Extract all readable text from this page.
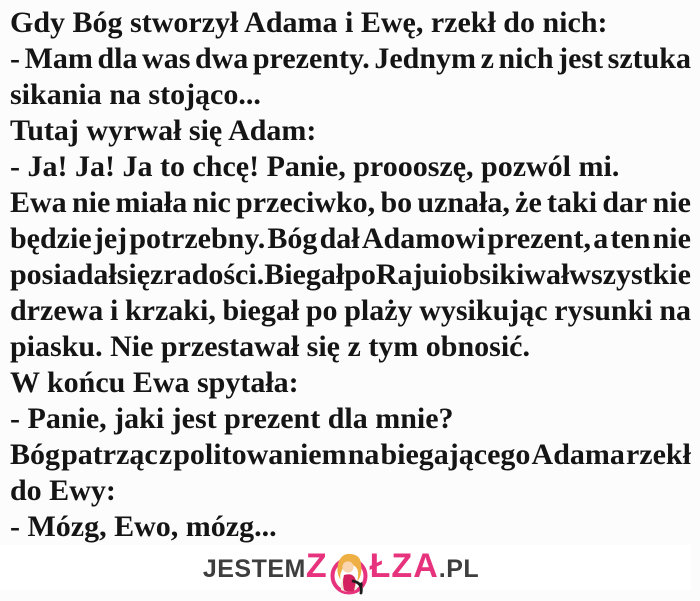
Gdy Bóg stworzył Adama i Ewę, rzekł do nich:
- Mam dla was dwa prezenty. Jednym z nich jest sztuka
sikania na stojąco...
Tutaj wyrwał się Adam:
- Ja! Ja! Ja to chcę! Panie, proooszę, pozwól mi.
Ewa nie miała nic przeciwko, bo uznała, że taki dar nie
będzie jej potrzebny. Bóg dał Adamowi prezent, a ten nie
posiadał się z radości. Biegał po Raju i obsikiwał wszystkie
drzewa i krzaki, biegał po plaży wysikując rysunki na
piasku. Nie przestawał się z tym obnosić.
W końcu Ewa spytała:
- Panie, jaki jest prezent dla mnie?
Bóg patrząc z politowaniem na biegającego Adama rzekł
do Ewy:
- Mózg, Ewo, mózg...
JESTEM Z ŁZA .PL
